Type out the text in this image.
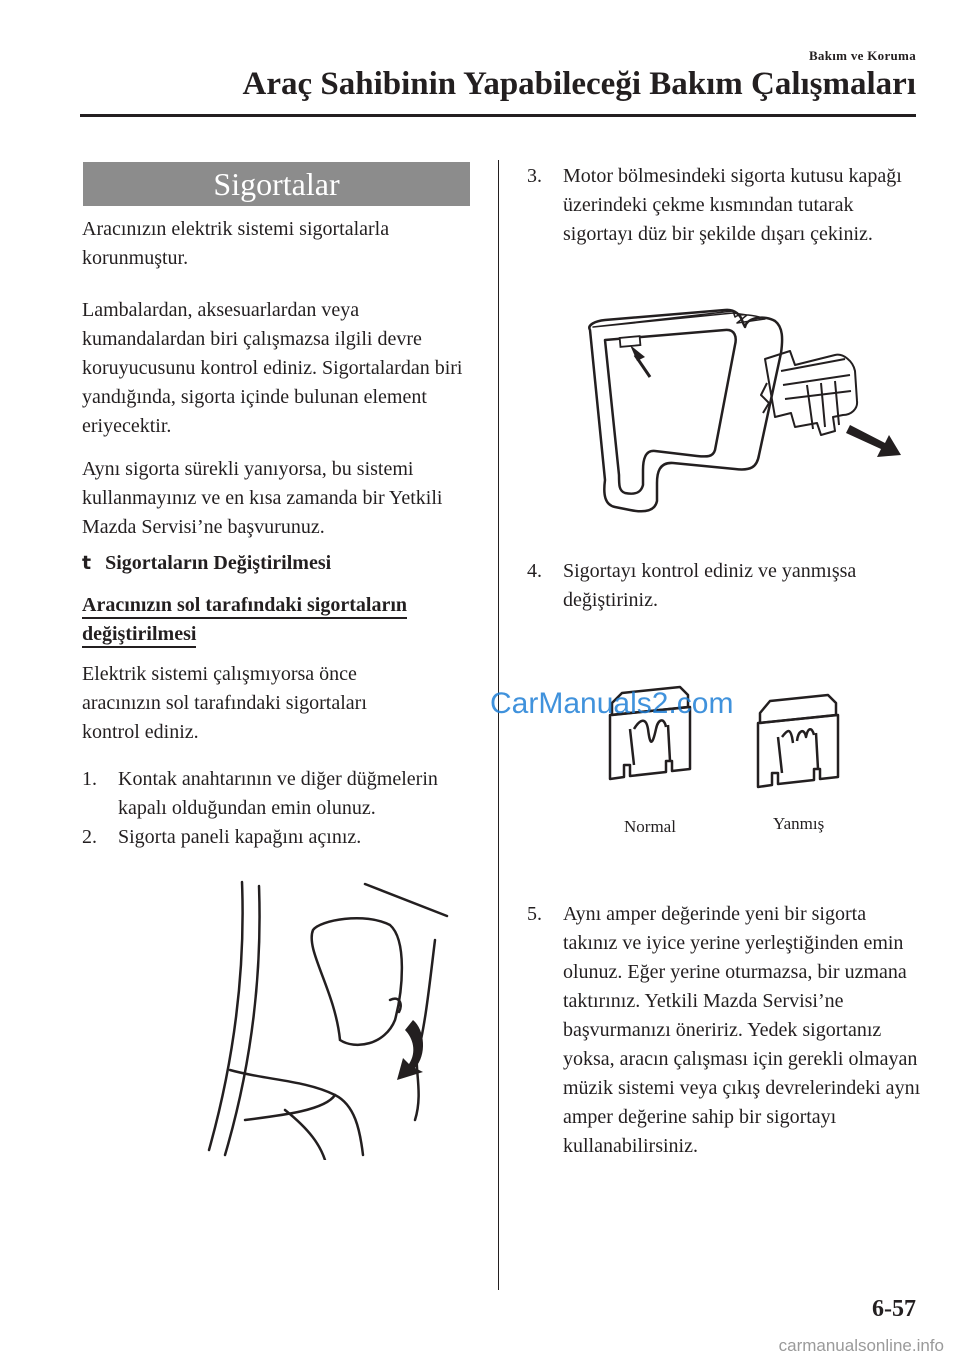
Bakım ve Koruma
Araç Sahibinin Yapabileceği Bakım Çalışmaları
Sigortalar
Aracınızın elektrik sistemi sigortalarla korunmuştur.
Lambalardan, aksesuarlardan veya kumandalardan biri çalışmazsa ilgili devre koruyucusunu kontrol ediniz. Sigortalardan biri yandığında, sigorta içinde bulunan element eriyecektir.
Aynı sigorta sürekli yanıyorsa, bu sistemi kullanmayınız ve en kısa zamanda bir Yetkili Mazda Servisi’ne başvurunuz.
t Sigortaların Değiştirilmesi
Aracınızın sol tarafındaki sigortaların
değiştirilmesi
Elektrik sistemi çalışmıyorsa önce aracınızın sol tarafındaki sigortaları kontrol ediniz.
1.	Kontak anahtarının ve diğer düğmelerin kapalı olduğundan emin olunuz.
2.	Sigorta paneli kapağını açınız.
3.	Motor bölmesindeki sigorta kutusu kapağı üzerindeki çekme kısmından tutarak sigortayı düz bir şekilde dışarı çekiniz.
4.	Sigortayı kontrol ediniz ve yanmışsa değiştiriniz.
Normal	Yanmış
CarManuals2.com
5.	Aynı amper değerinde yeni bir sigorta takınız ve iyice yerine yerleştiğinden emin olunuz. Eğer yerine oturmazsa, bir uzmana taktırınız. Yetkili Mazda Servisi’ne başvurmanızı öneririz. Yedek sigortanız yoksa, aracın çalışması için gerekli olmayan müzik sistemi veya çıkış devrelerindeki aynı amper değerine sahip bir sigortayı kullanabilirsiniz.
6-57
carmanualsonline.info
